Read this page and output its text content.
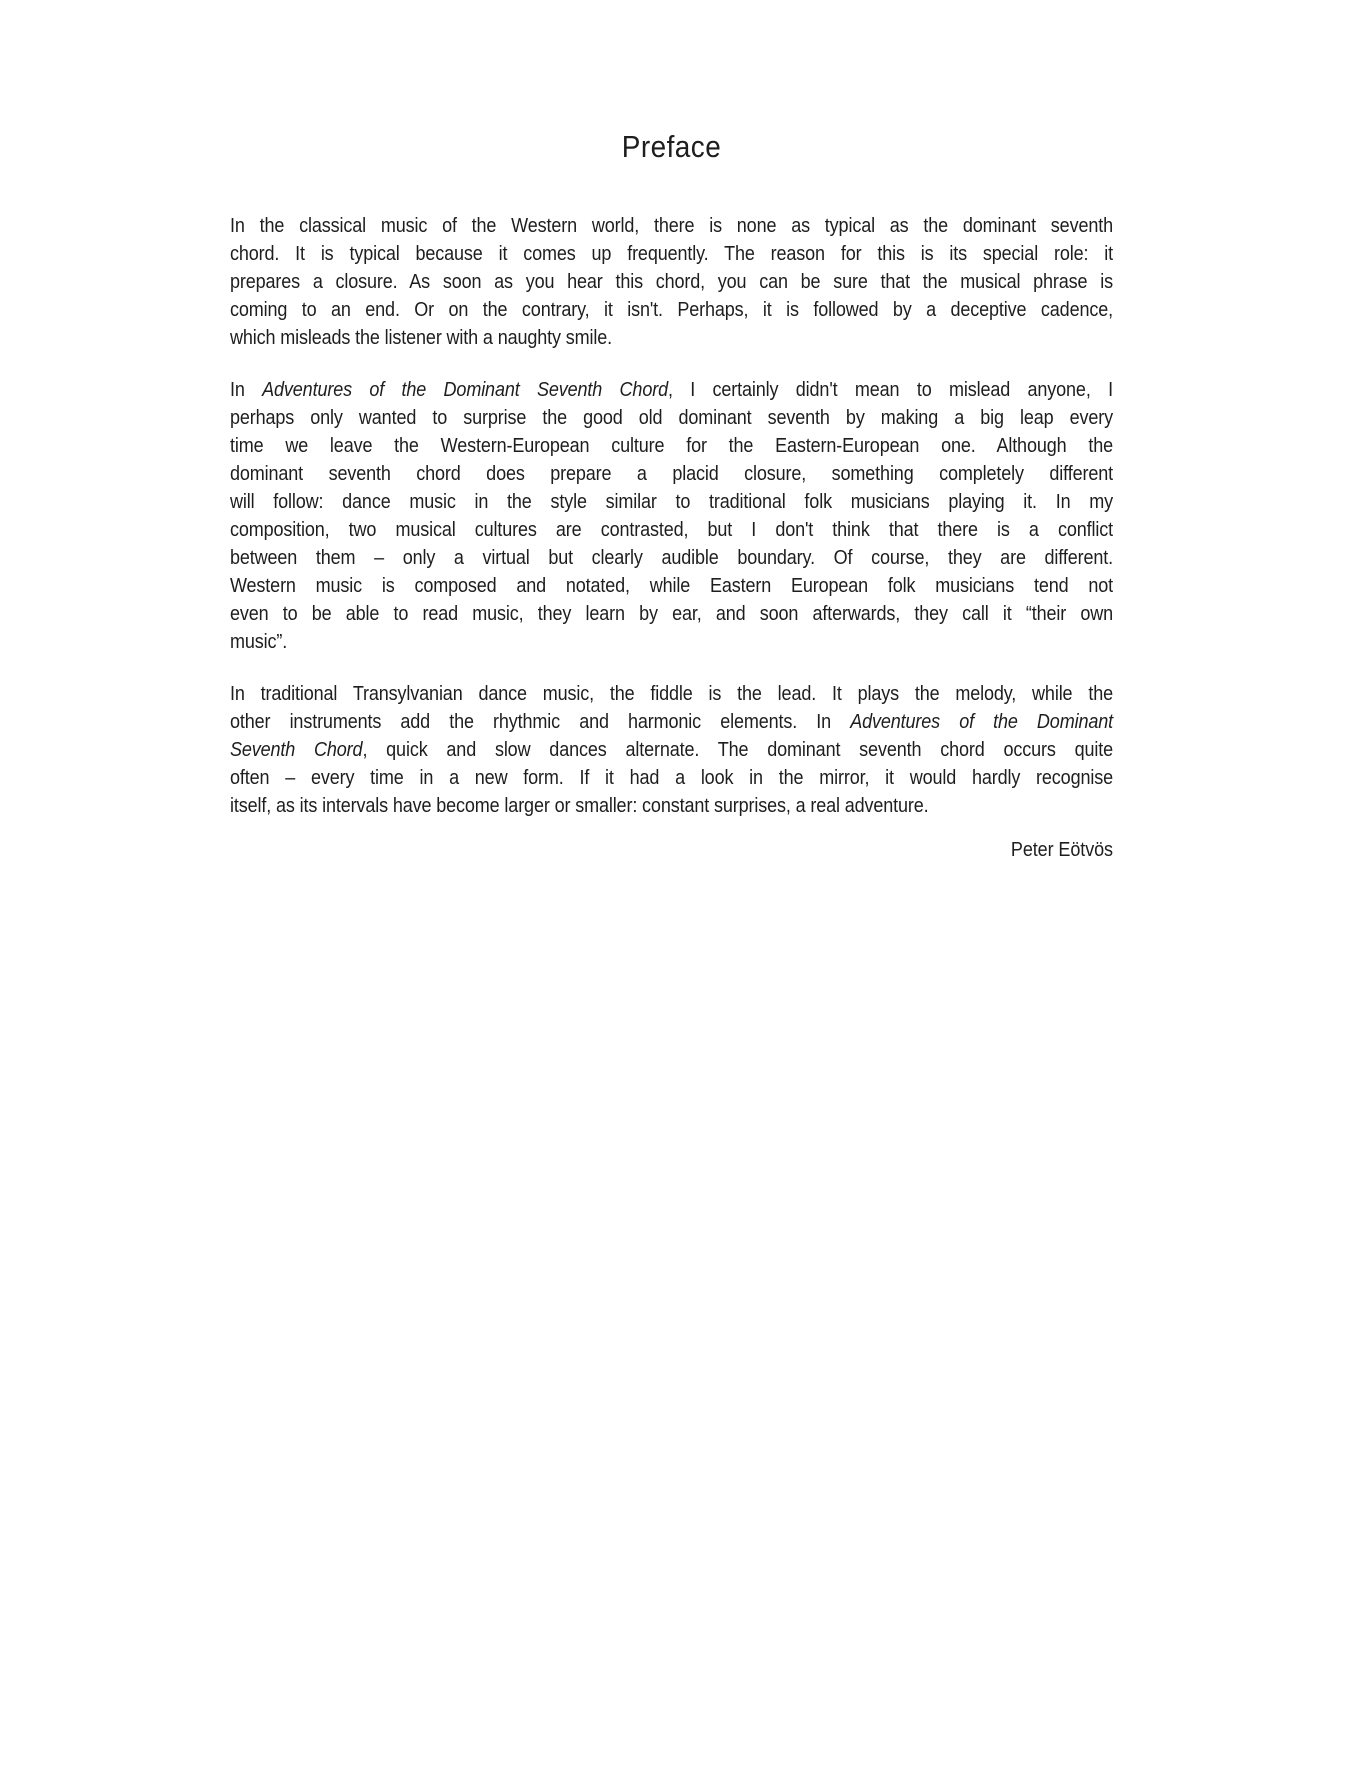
Preface
In the classical music of the Western world, there is none as typical as the dominant seventh
chord. It is typical because it comes up frequently. The reason for this is its special role: it
prepares a closure. As soon as you hear this chord, you can be sure that the musical phrase is
coming to an end. Or on the contrary, it isn't. Perhaps, it is followed by a deceptive cadence,
which misleads the listener with a naughty smile.
In Adventures of the Dominant Seventh Chord, I certainly didn't mean to mislead anyone, I
perhaps only wanted to surprise the good old dominant seventh by making a big leap every
time we leave the Western-European culture for the Eastern-European one. Although the
dominant seventh chord does prepare a placid closure, something completely different
will follow: dance music in the style similar to traditional folk musicians playing it. In my
composition, two musical cultures are contrasted, but I don't think that there is a conflict
between them – only a virtual but clearly audible boundary. Of course, they are different.
Western music is composed and notated, while Eastern European folk musicians tend not
even to be able to read music, they learn by ear, and soon afterwards, they call it “their own
music”.
In traditional Transylvanian dance music, the fiddle is the lead. It plays the melody, while the
other instruments add the rhythmic and harmonic elements. In Adventures of the Dominant
Seventh Chord, quick and slow dances alternate. The dominant seventh chord occurs quite
often – every time in a new form. If it had a look in the mirror, it would hardly recognise
itself, as its intervals have become larger or smaller: constant surprises, a real adventure.
Peter Eötvös
